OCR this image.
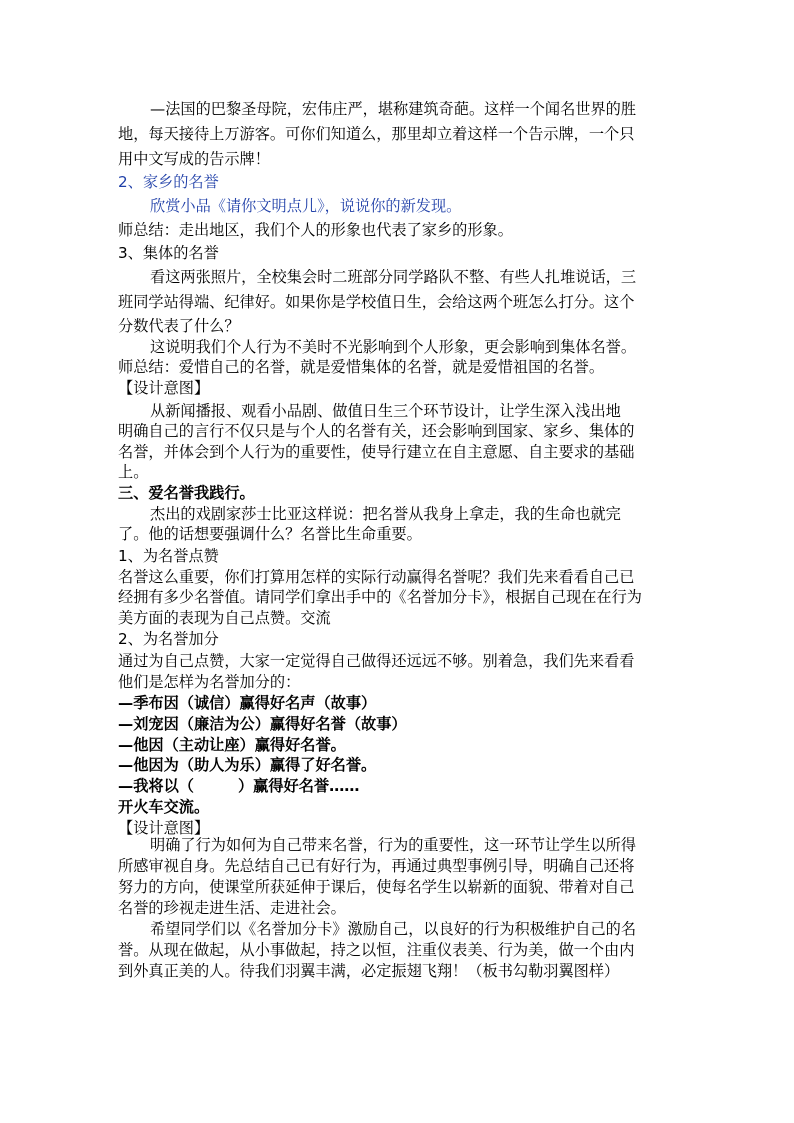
—法国的巴黎圣母院，宏伟庄严，堪称建筑奇葩。这样一个闻名世界的胜
地，每天接待上万游客。可你们知道么，那里却立着这样一个告示牌，一个只
用中文写成的告示牌！
2、家乡的名誉
欣赏小品《请你文明点儿》，说说你的新发现。
师总结：走出地区，我们个人的形象也代表了家乡的形象。
3、集体的名誉
看这两张照片，全校集会时二班部分同学路队不整、有些人扎堆说话，三
班同学站得端、纪律好。如果你是学校值日生，会给这两个班怎么打分。这个
分数代表了什么？
这说明我们个人行为不美时不光影响到个人形象，更会影响到集体名誉。
师总结：爱惜自己的名誉，就是爱惜集体的名誉，就是爱惜祖国的名誉。
【设计意图】
从新闻播报、观看小品剧、做值日生三个环节设计，让学生深入浅出地
明确自己的言行不仅只是与个人的名誉有关，还会影响到国家、家乡、集体的
名誉，并体会到个人行为的重要性，使导行建立在自主意愿、自主要求的基础
上。
三、爱名誉我践行。
杰出的戏剧家莎士比亚这样说：把名誉从我身上拿走，我的生命也就完
了。他的话想要强调什么？名誉比生命重要。
1、为名誉点赞
名誉这么重要，你们打算用怎样的实际行动赢得名誉呢？我们先来看看自己已
经拥有多少名誉值。请同学们拿出手中的《名誉加分卡》，根据自己现在在行为
美方面的表现为自己点赞。交流
2、为名誉加分
通过为自己点赞，大家一定觉得自己做得还远远不够。别着急，我们先来看看
他们是怎样为名誉加分的：
—季布因（诚信）赢得好名声（故事）
—刘宠因（廉洁为公）赢得好名誉（故事）
—他因（主动让座）赢得好名誉。
—他因为（助人为乐）赢得了好名誉。
—我将以（	）赢得好名誉……
开火车交流。
【设计意图】
明确了行为如何为自己带来名誉，行为的重要性，这一环节让学生以所得
所感审视自身。先总结自己已有好行为，再通过典型事例引导，明确自己还将
努力的方向，使课堂所获延伸于课后，使每名学生以崭新的面貌、带着对自己
名誉的珍视走进生活、走进社会。
希望同学们以《名誉加分卡》激励自己，以良好的行为积极维护自己的名
誉。从现在做起，从小事做起，持之以恒，注重仪表美、行为美，做一个由内
到外真正美的人。待我们羽翼丰满，必定振翅飞翔！（板书勾勒羽翼图样）
